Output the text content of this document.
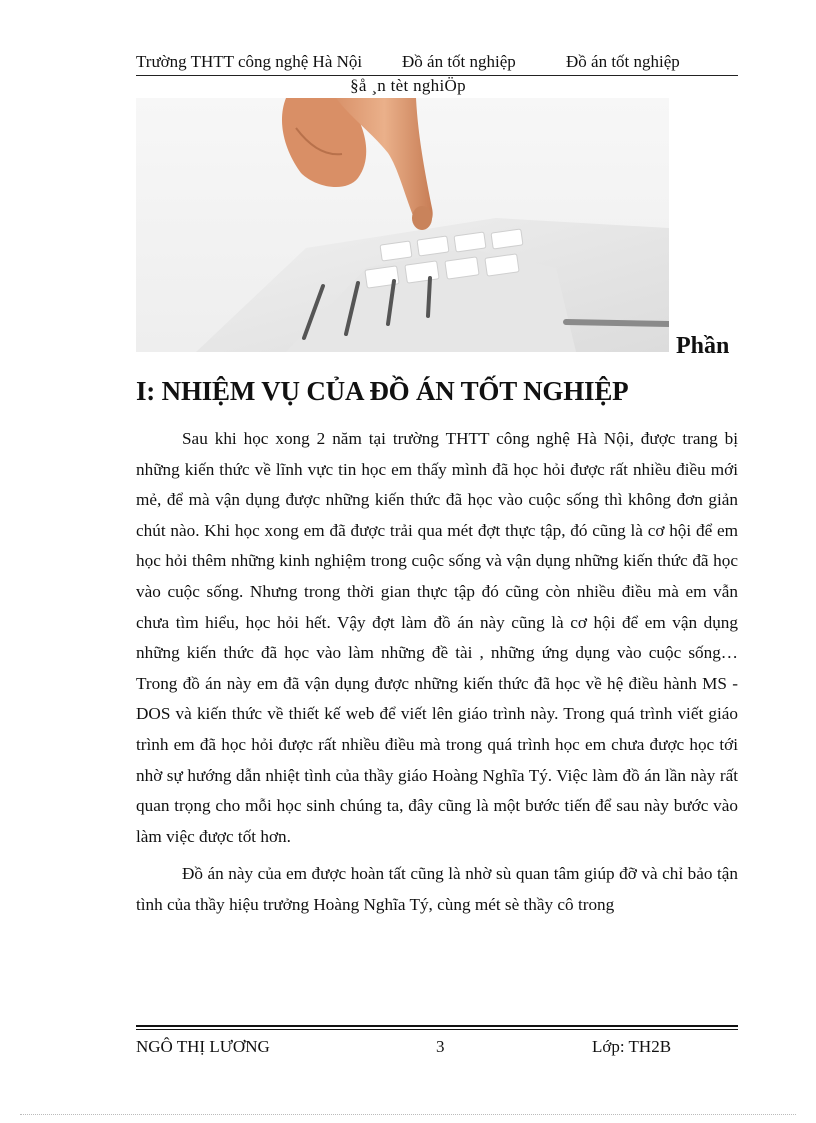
Trường THTT công nghệ Hà Nội Đồ án tốt nghiệp	Đồ án tốt nghiệp
§å ¸n tèt nghiÖp
Phần
I: NHIỆM VỤ CỦA ĐỒ ÁN TỐT NGHIỆP

Sau khi học xong 2 năm tại trường THTT công nghệ Hà Nội, được trang bị những kiến thức về lĩnh vực tin học em thấy mình đã học hỏi được rất nhiều điều mới mẻ, để mà vận dụng được những kiến thức đã học vào cuộc sống thì không đơn giản chút nào. Khi học xong em đã được trải qua mét đợt thực tập, đó cũng là cơ hội để em học hỏi thêm những kinh nghiệm trong cuộc sống và vận dụng những kiến thức đã học vào cuộc sống. Nhưng trong thời gian thực tập đó cũng còn nhiều điều mà em vẫn chưa tìm hiểu, học hỏi hết. Vậy đợt làm đồ án này cũng là cơ hội để em vận dụng những kiến thức đã học vào làm những đề tài , những ứng dụng vào cuộc sống… Trong đồ án này em đã vận dụng được những kiến thức đã học về hệ điều hành MS - DOS và kiến thức về thiết kế web để viết lên giáo trình này. Trong quá trình viết giáo trình em đã học hỏi được rất nhiều điều mà trong quá trình học em chưa được học tới nhờ sự hướng dẫn nhiệt tình của thầy giáo Hoàng Nghĩa Tý. Việc làm đồ án lần này rất quan trọng cho mỗi học sinh chúng ta, đây cũng là một bước tiến để sau này bước vào làm việc được tốt hơn.

Đồ án này của em được hoàn tất cũng là nhờ sù quan tâm giúp đỡ và chỉ bảo tận tình của thầy hiệu trưởng Hoàng Nghĩa Tý, cùng mét sè thầy cô trong

NGÔ THỊ LƯƠNG	3	Lớp: TH2B
